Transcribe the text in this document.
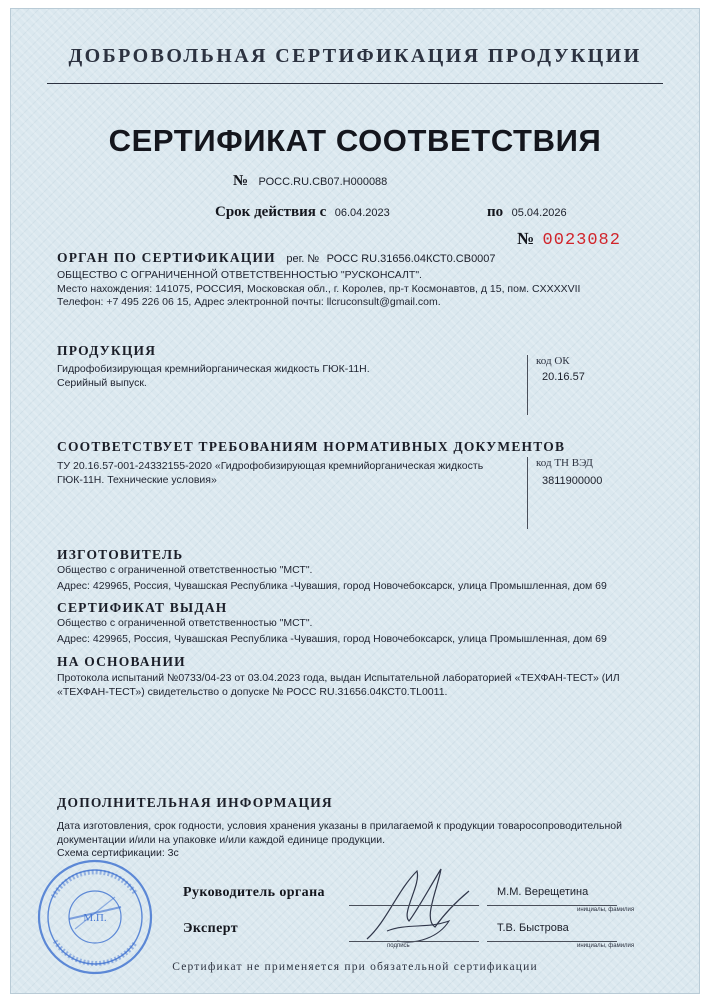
ДОБРОВОЛЬНАЯ СЕРТИФИКАЦИЯ ПРОДУКЦИИ
СЕРТИФИКАТ СООТВЕТСТВИЯ
№ РОСС.RU.СВ07.Н000088
Срок действия с 06.04.2023	по 05.04.2026
№ 0023082
ОРГАН ПО СЕРТИФИКАЦИИ рег. № РОСС RU.31656.04КСТ0.СВ0007
ОБЩЕСТВО С ОГРАНИЧЕННОЙ ОТВЕТСТВЕННОСТЬЮ "РУСКОНСАЛТ".
Место нахождения: 141075, РОССИЯ, Московская обл., г. Королев, пр-т Космонавтов, д 15, пом. CXXXXVII
Телефон: +7 495 226 06 15, Адрес электронной почты: llcruconsult@gmail.com.
ПРОДУКЦИЯ
Гидрофобизирующая кремнийорганическая жидкость ГЮК-11Н.
Серийный выпуск.
код ОК
20.16.57
СООТВЕТСТВУЕТ ТРЕБОВАНИЯМ НОРМАТИВНЫХ ДОКУМЕНТОВ
ТУ 20.16.57-001-24332155-2020 «Гидрофобизирующая кремнийорганическая жидкость
ГЮК-11Н. Технические условия»
код ТН ВЭД
3811900000
ИЗГОТОВИТЕЛЬ
Общество с ограниченной ответственностью "МСТ".
Адрес: 429965, Россия, Чувашская Республика -Чувашия, город Новочебоксарск, улица Промышленная, дом 69
СЕРТИФИКАТ ВЫДАН
Общество с ограниченной ответственностью "МСТ".
Адрес: 429965, Россия, Чувашская Республика -Чувашия, город Новочебоксарск, улица Промышленная, дом 69
НА ОСНОВАНИИ
Протокола испытаний №0733/04-23 от 03.04.2023 года, выдан Испытательной лабораторией «ТЕХФАН-ТЕСТ» (ИЛ
«ТЕХФАН-ТЕСТ») свидетельство о допуске № РОСС RU.31656.04КСТ0.TL0011.
ДОПОЛНИТЕЛЬНАЯ ИНФОРМАЦИЯ
Дата изготовления, срок годности, условия хранения указаны в прилагаемой к продукции товаросопроводительной
документации и/или на упаковке и/или каждой единице продукции.
Схема сертификации: 3с
М.П.
Руководитель органа	М.М. Верещетина
инициалы, фамилия
Эксперт
подпись
Т.В. Быстрова
инициалы, фамилия
Сертификат не применяется при обязательной сертификации
